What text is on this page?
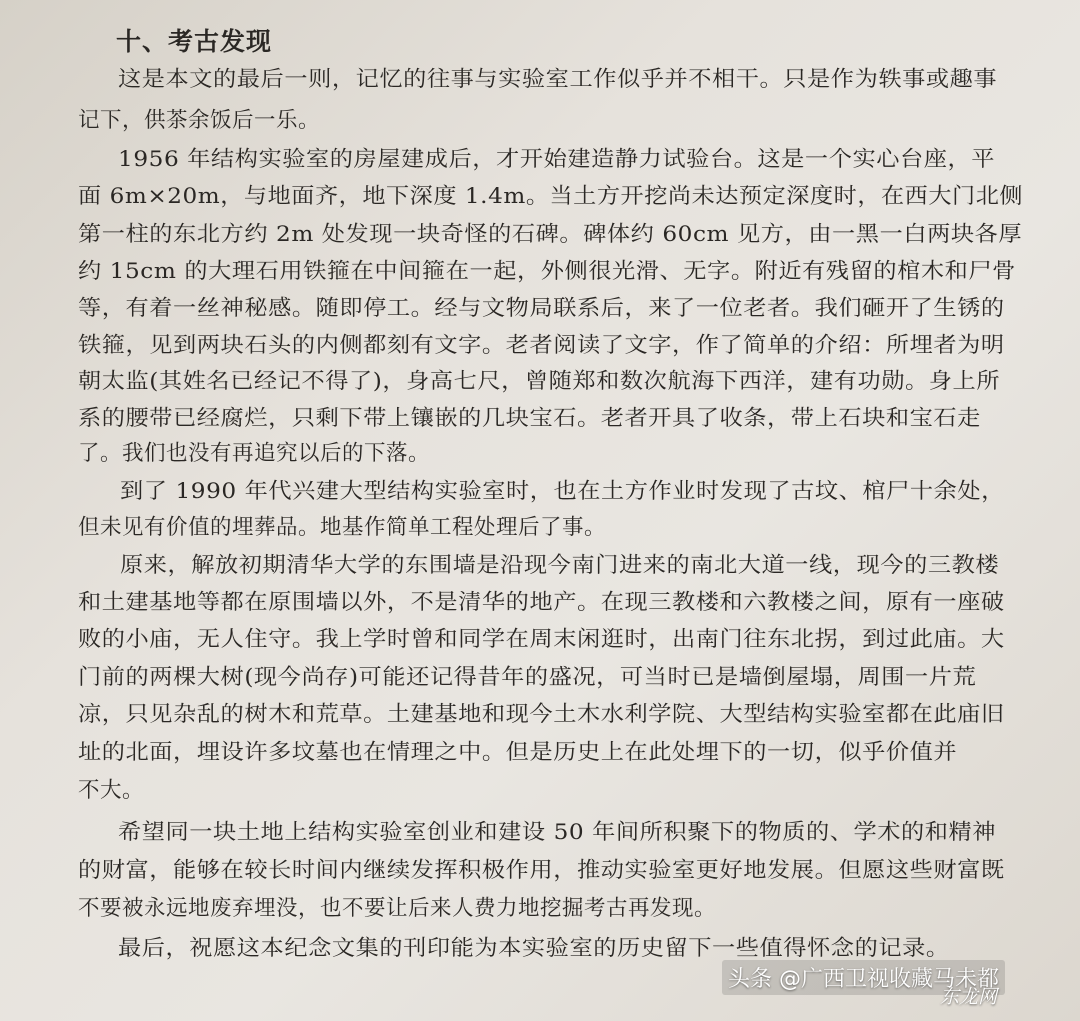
十、考古发现
这是本文的最后一则，记忆的往事与实验室工作似乎并不相干。只是作为轶事或趣事
记下，供茶余饭后一乐。
1956 年结构实验室的房屋建成后，才开始建造静力试验台。这是一个实心台座，平
面 6m×20m，与地面齐，地下深度 1.4m。当土方开挖尚未达预定深度时，在西大门北侧
第一柱的东北方约 2m 处发现一块奇怪的石碑。碑体约 60cm 见方，由一黑一白两块各厚
约 15cm 的大理石用铁箍在中间箍在一起，外侧很光滑、无字。附近有残留的棺木和尸骨
等，有着一丝神秘感。随即停工。经与文物局联系后，来了一位老者。我们砸开了生锈的
铁箍，见到两块石头的内侧都刻有文字。老者阅读了文字，作了简单的介绍：所埋者为明
朝太监(其姓名已经记不得了)，身高七尺，曾随郑和数次航海下西洋，建有功勋。身上所
系的腰带已经腐烂，只剩下带上镶嵌的几块宝石。老者开具了收条，带上石块和宝石走
了。我们也没有再追究以后的下落。
到了 1990 年代兴建大型结构实验室时，也在土方作业时发现了古坟、棺尸十余处，
但未见有价值的埋葬品。地基作简单工程处理后了事。
原来，解放初期清华大学的东围墙是沿现今南门进来的南北大道一线，现今的三教楼
和土建基地等都在原围墙以外，不是清华的地产。在现三教楼和六教楼之间，原有一座破
败的小庙，无人住守。我上学时曾和同学在周末闲逛时，出南门往东北拐，到过此庙。大
门前的两棵大树(现今尚存)可能还记得昔年的盛况，可当时已是墙倒屋塌，周围一片荒
凉，只见杂乱的树木和荒草。土建基地和现今土木水利学院、大型结构实验室都在此庙旧
址的北面，埋设许多坟墓也在情理之中。但是历史上在此处埋下的一切，似乎价值并
不大。
希望同一块土地上结构实验室创业和建设 50 年间所积聚下的物质的、学术的和精神
的财富，能够在较长时间内继续发挥积极作用，推动实验室更好地发展。但愿这些财富既
不要被永远地废弃埋没，也不要让后来人费力地挖掘考古再发现。
最后，祝愿这本纪念文集的刊印能为本实验室的历史留下一些值得怀念的记录。
头条 @广西卫视收藏马未都
东龙网
